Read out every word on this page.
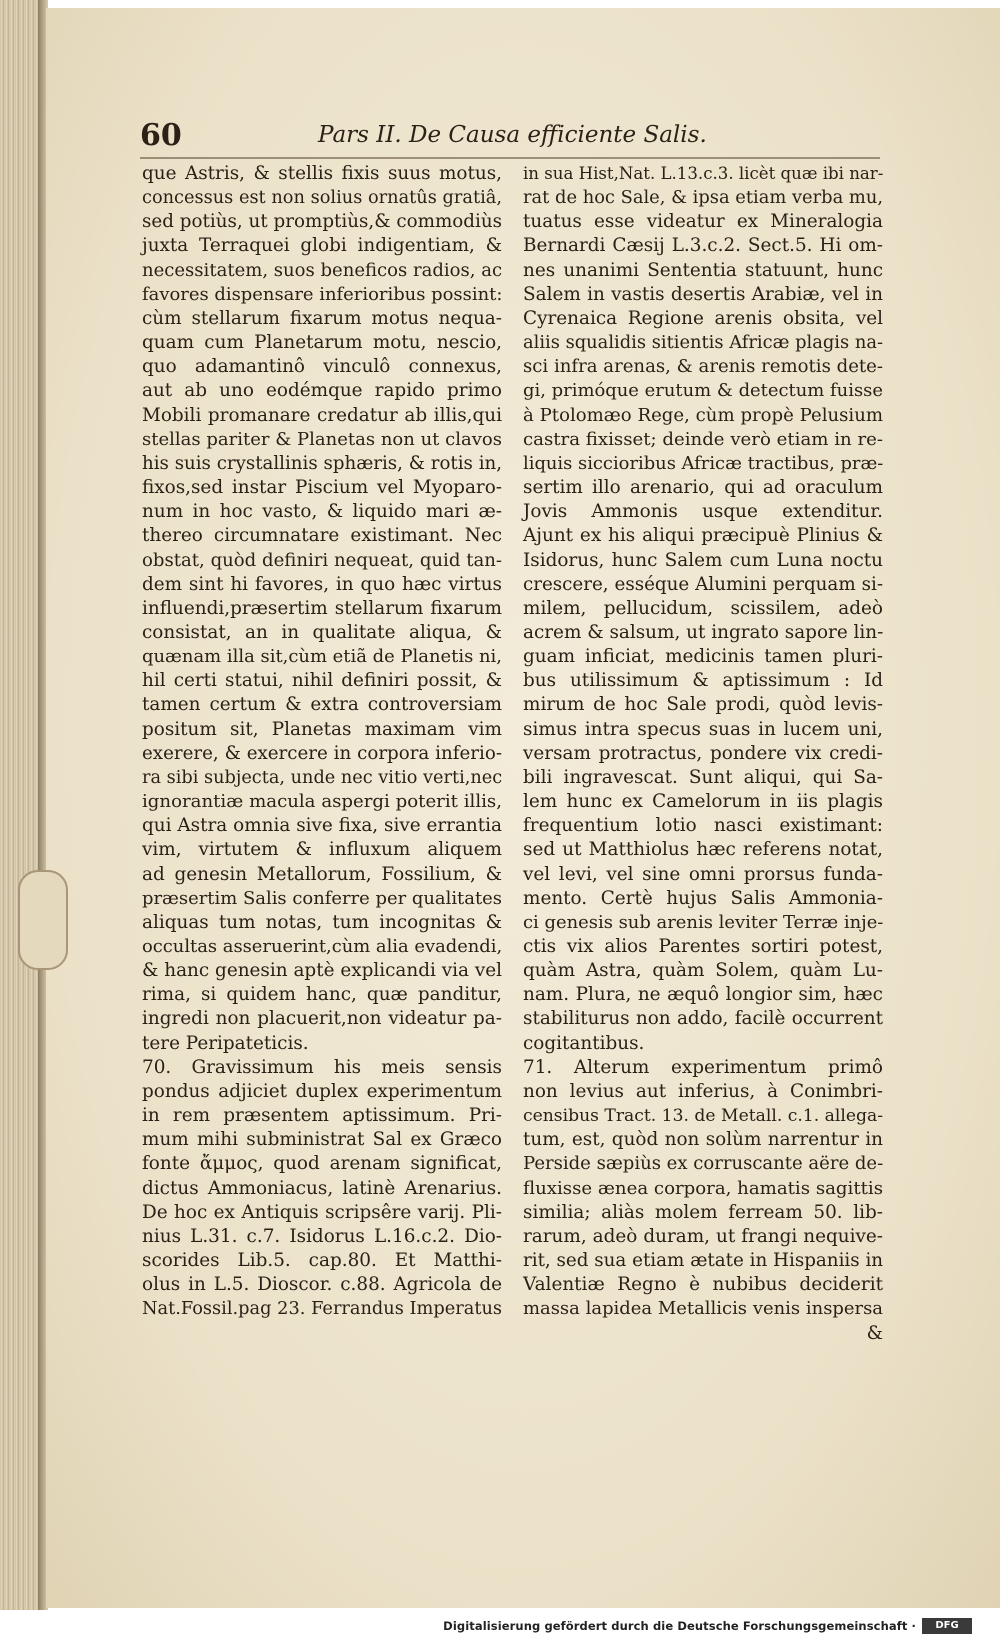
60	Pars II. De Causa efficiente Salis.

que Astris, & stellis fixis suus motus,

concessus est non solius ornatûs gratiâ,

sed potiùs, ut promptiùs,& commodiùs

juxta Terraquei globi indigentiam, &

necessitatem, suos beneficos radios, ac

favores dispensare inferioribus possint:

cùm stellarum fixarum motus nequa-

quam cum Planetarum motu, nescio,

quo adamantinô vinculô connexus,

aut ab uno eodémque rapido primo

Mobili promanare credatur ab illis,qui

stellas pariter & Planetas non ut clavos

his suis crystallinis sphæris, & rotis in,

fixos,sed instar Piscium vel Myoparo-

num in hoc vasto, & liquido mari æ-

thereo circumnatare existimant. Nec

obstat, quòd definiri nequeat, quid tan-

dem sint hi favores, in quo hæc virtus

influendi,præsertim stellarum fixarum

consistat, an in qualitate aliqua, &

quænam illa sit,cùm etiã de Planetis ni,

hil certi statui, nihil definiri possit, &

tamen certum & extra controversiam

positum sit, Planetas maximam vim

exerere, & exercere in corpora inferio-

ra sibi subjecta, unde nec vitio verti,nec

ignorantiæ macula aspergi poterit illis,

qui Astra omnia sive fixa, sive errantia

vim, virtutem & influxum aliquem

ad genesin Metallorum, Fossilium, &

præsertim Salis conferre per qualitates

aliquas tum notas, tum incognitas &

occultas asseruerint,cùm alia evadendi,

& hanc genesin aptè explicandi via vel

rima, si quidem hanc, quæ panditur,

ingredi non placuerit,non videatur pa-

tere Peripateticis.

70. Gravissimum his meis sensis

pondus adjiciet duplex experimentum

in rem præsentem aptissimum. Pri-

mum mihi subministrat Sal ex Græco

fonte ἄμμος, quod arenam significat,

dictus Ammoniacus, latinè Arenarius.

De hoc ex Antiquis scripsêre varij. Pli-

nius L.31. c.7. Isidorus L.16.c.2. Dio-

scorides Lib.5. cap.80. Et Matthi-

olus in L.5. Dioscor. c.88. Agricola de

Nat.Fossil.pag 23. Ferrandus Imperatus

in sua Hist,Nat. L.13.c.3. licèt quæ ibi nar-

rat de hoc Sale, & ipsa etiam verba mu,

tuatus esse videatur ex Mineralogia

Bernardi Cæsij L.3.c.2. Sect.5. Hi om-

nes unanimi Sententia statuunt, hunc

Salem in vastis desertis Arabiæ, vel in

Cyrenaica Regione arenis obsita, vel

aliis squalidis sitientis Africæ plagis na-

sci infra arenas, & arenis remotis dete-

gi, primóque erutum & detectum fuisse

à Ptolomæo Rege, cùm propè Pelusium

castra fixisset; deinde verò etiam in re-

liquis siccioribus Africæ tractibus, præ-

sertim illo arenario, qui ad oraculum

Jovis Ammonis usque extenditur.

Ajunt ex his aliqui præcipuè Plinius &

Isidorus, hunc Salem cum Luna noctu

crescere, esséque Alumini perquam si-

milem, pellucidum, scissilem, adeò

acrem & salsum, ut ingrato sapore lin-

guam inficiat, medicinis tamen pluri-

bus utilissimum & aptissimum : Id

mirum de hoc Sale prodi, quòd levis-

simus intra specus suas in lucem uni,

versam protractus, pondere vix credi-

bili ingravescat. Sunt aliqui, qui Sa-

lem hunc ex Camelorum in iis plagis

frequentium lotio nasci existimant:

sed ut Matthiolus hæc referens notat,

vel levi, vel sine omni prorsus funda-

mento. Certè hujus Salis Ammonia-

ci genesis sub arenis leviter Terræ inje-

ctis vix alios Parentes sortiri potest,

quàm Astra, quàm Solem, quàm Lu-

nam. Plura, ne æquô longior sim, hæc

stabiliturus non addo, facilè occurrent

cogitantibus.

71. Alterum experimentum primô

non levius aut inferius, à Conimbri-

censibus Tract. 13. de Metall. c.1. allega-

tum, est, quòd non solùm narrentur in

Perside sæpiùs ex corruscante aëre de-

fluxisse ænea corpora, hamatis sagittis

similia; aliàs molem ferream 50. lib-

rarum, adeò duram, ut frangi nequive-

rit, sed sua etiam ætate in Hispaniis in

Valentiæ Regno è nubibus deciderit

massa lapidea Metallicis venis inspersa

&

Digitalisierung gefördert durch die Deutsche Forschungsgemeinschaft ·	DFG
